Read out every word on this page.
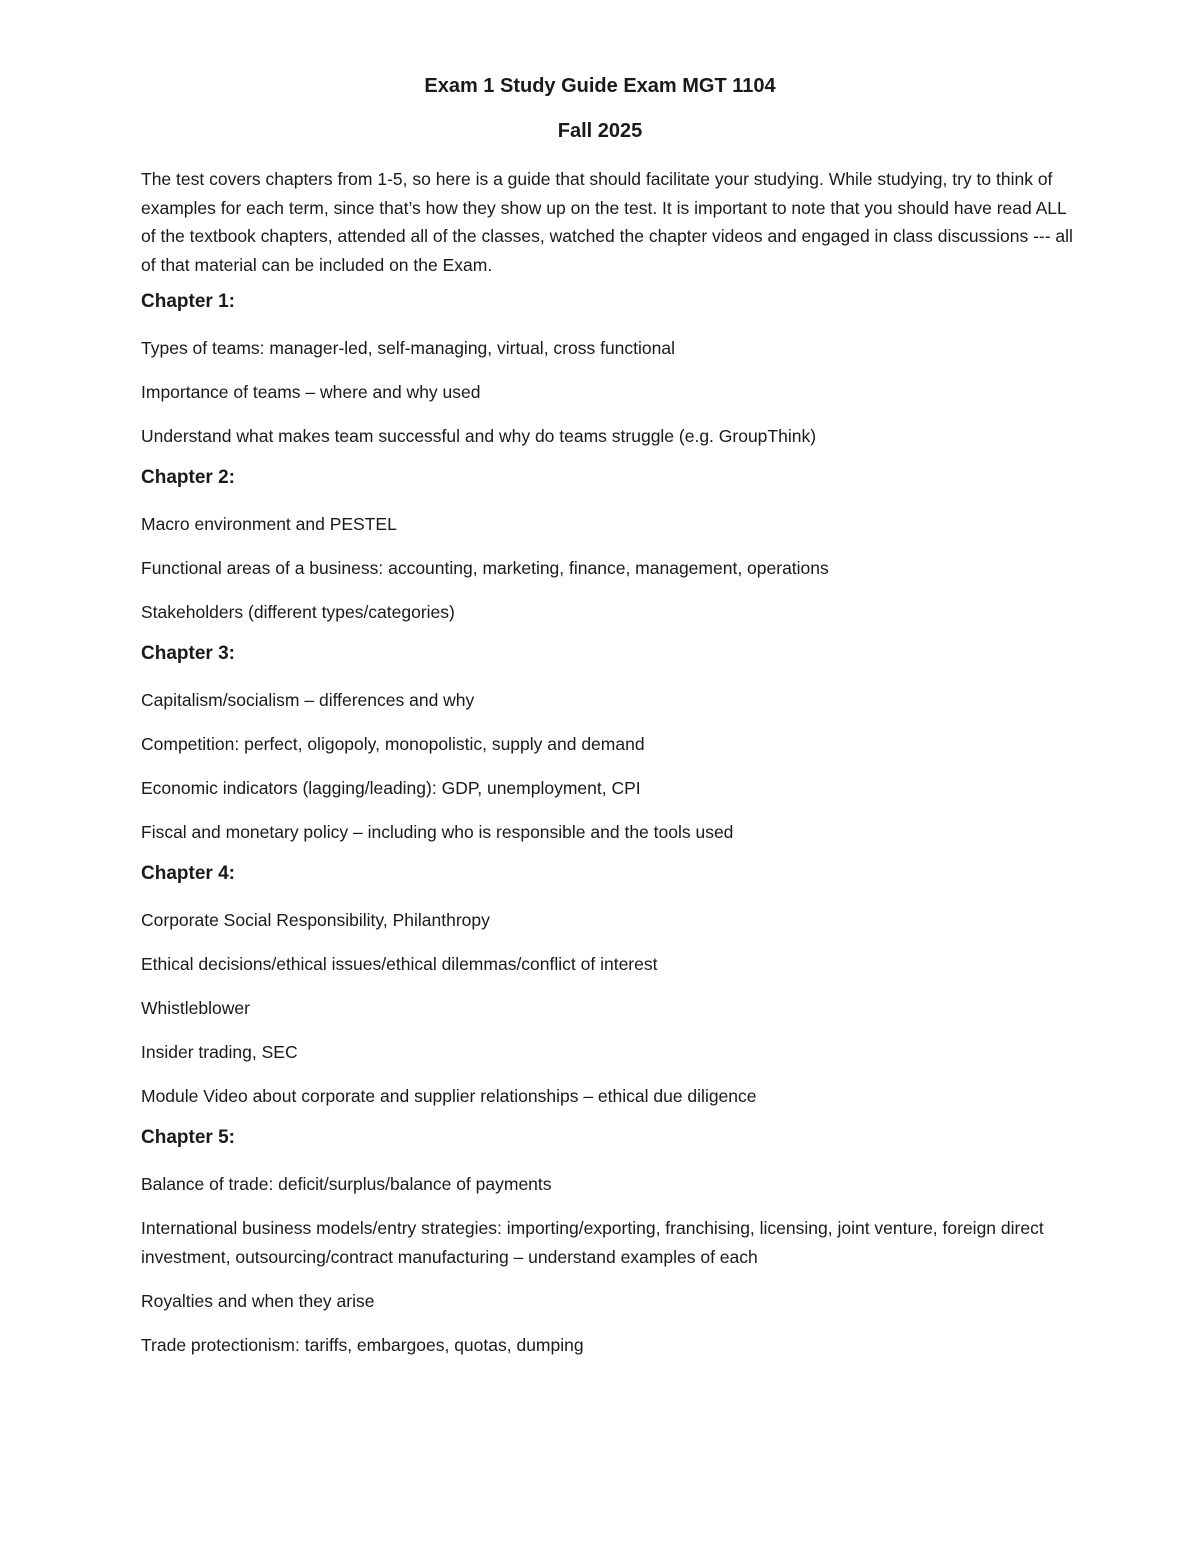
Exam 1 Study Guide Exam MGT 1104
Fall 2025

The test covers chapters from 1-5, so here is a guide that should facilitate your studying. While studying, try to think of examples for each term, since that’s how they show up on the test. It is important to note that you should have read ALL of the textbook chapters, attended all of the classes, watched the chapter videos and engaged in class discussions --- all of that material can be included on the Exam.

Chapter 1:

Types of teams: manager-led, self-managing, virtual, cross functional

Importance of teams – where and why used

Understand what makes team successful and why do teams struggle (e.g. GroupThink)

Chapter 2:

Macro environment and PESTEL

Functional areas of a business: accounting, marketing, finance, management, operations

Stakeholders (different types/categories)

Chapter 3:

Capitalism/socialism – differences and why

Competition: perfect, oligopoly, monopolistic, supply and demand

Economic indicators (lagging/leading): GDP, unemployment, CPI

Fiscal and monetary policy – including who is responsible and the tools used

Chapter 4:

Corporate Social Responsibility, Philanthropy

Ethical decisions/ethical issues/ethical dilemmas/conflict of interest

Whistleblower

Insider trading, SEC

Module Video about corporate and supplier relationships – ethical due diligence

Chapter 5:

Balance of trade: deficit/surplus/balance of payments

International business models/entry strategies: importing/exporting, franchising, licensing, joint venture, foreign direct investment, outsourcing/contract manufacturing – understand examples of each

Royalties and when they arise

Trade protectionism: tariffs, embargoes, quotas, dumping
